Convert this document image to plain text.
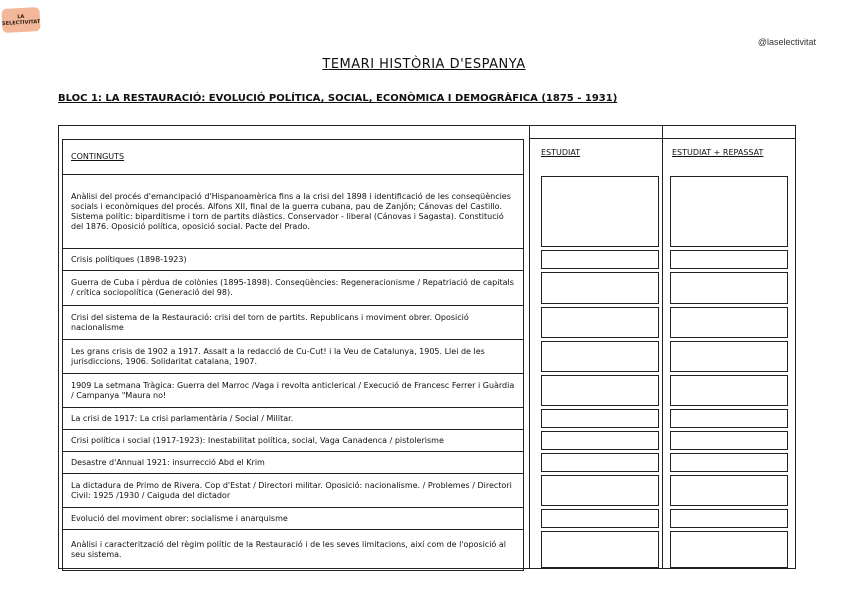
LA SELECTIVITAT
@laselectivitat
TEMARI HISTÒRIA D'ESPANYA
BLOC 1: LA RESTAURACIÓ: EVOLUCIÓ POLÍTICA, SOCIAL, ECONÒMICA I DEMOGRÀFICA (1875 - 1931)
ESTUDIAT	ESTUDIAT + REPASSAT
CONTINGUTS
Anàlisi del procés d'emancipació d'Hispanoamèrica fins a la crisi del 1898 i identificació de les conseqüències socials i econòmiques del procés. Alfons XII, final de la guerra cubana, pau de Zanjón; Cánovas del Castillo. Sistema polític: biparditisme i torn de partits diàstics. Conservador - liberal (Cánovas i Sagasta). Constitució del 1876. Oposició política, oposició social. Pacte del Prado.
Crisis polítiques (1898-1923)
Guerra de Cuba i pèrdua de colònies (1895-1898). Conseqüències: Regeneracionisme / Repatriació de capitals / crítica sociopolítica (Generació del 98).
Crisi del sistema de la Restauració: crisi del torn de partits. Republicans i moviment obrer. Oposició nacionalisme
Les grans crisis de 1902 a 1917. Assalt a la redacció de Cu-Cut! i la Veu de Catalunya, 1905. Llei de les jurisdiccions, 1906. Solidaritat catalana, 1907.
1909 La setmana Tràgica: Guerra del Marroc /Vaga i revolta anticlerical / Execució de Francesc Ferrer i Guàrdia / Campanya "Maura no!
La crisi de 1917: La crisi parlamentària / Social / Militar.
Crisi política i social (1917-1923): Inestabilitat política, social, Vaga Canadenca / pistolerisme
Desastre d'Annual 1921: insurrecció Abd el Krim
La dictadura de Primo de Rivera. Cop d'Estat / Directori militar. Oposició: nacionalisme. / Problemes / Directori Civil: 1925 /1930 / Caiguda del dictador
Evolució del moviment obrer: socialisme i anarquisme
Anàlisi i caracterització del règim polític de la Restauració i de les seves limitacions, així com de l'oposició al seu sistema.
